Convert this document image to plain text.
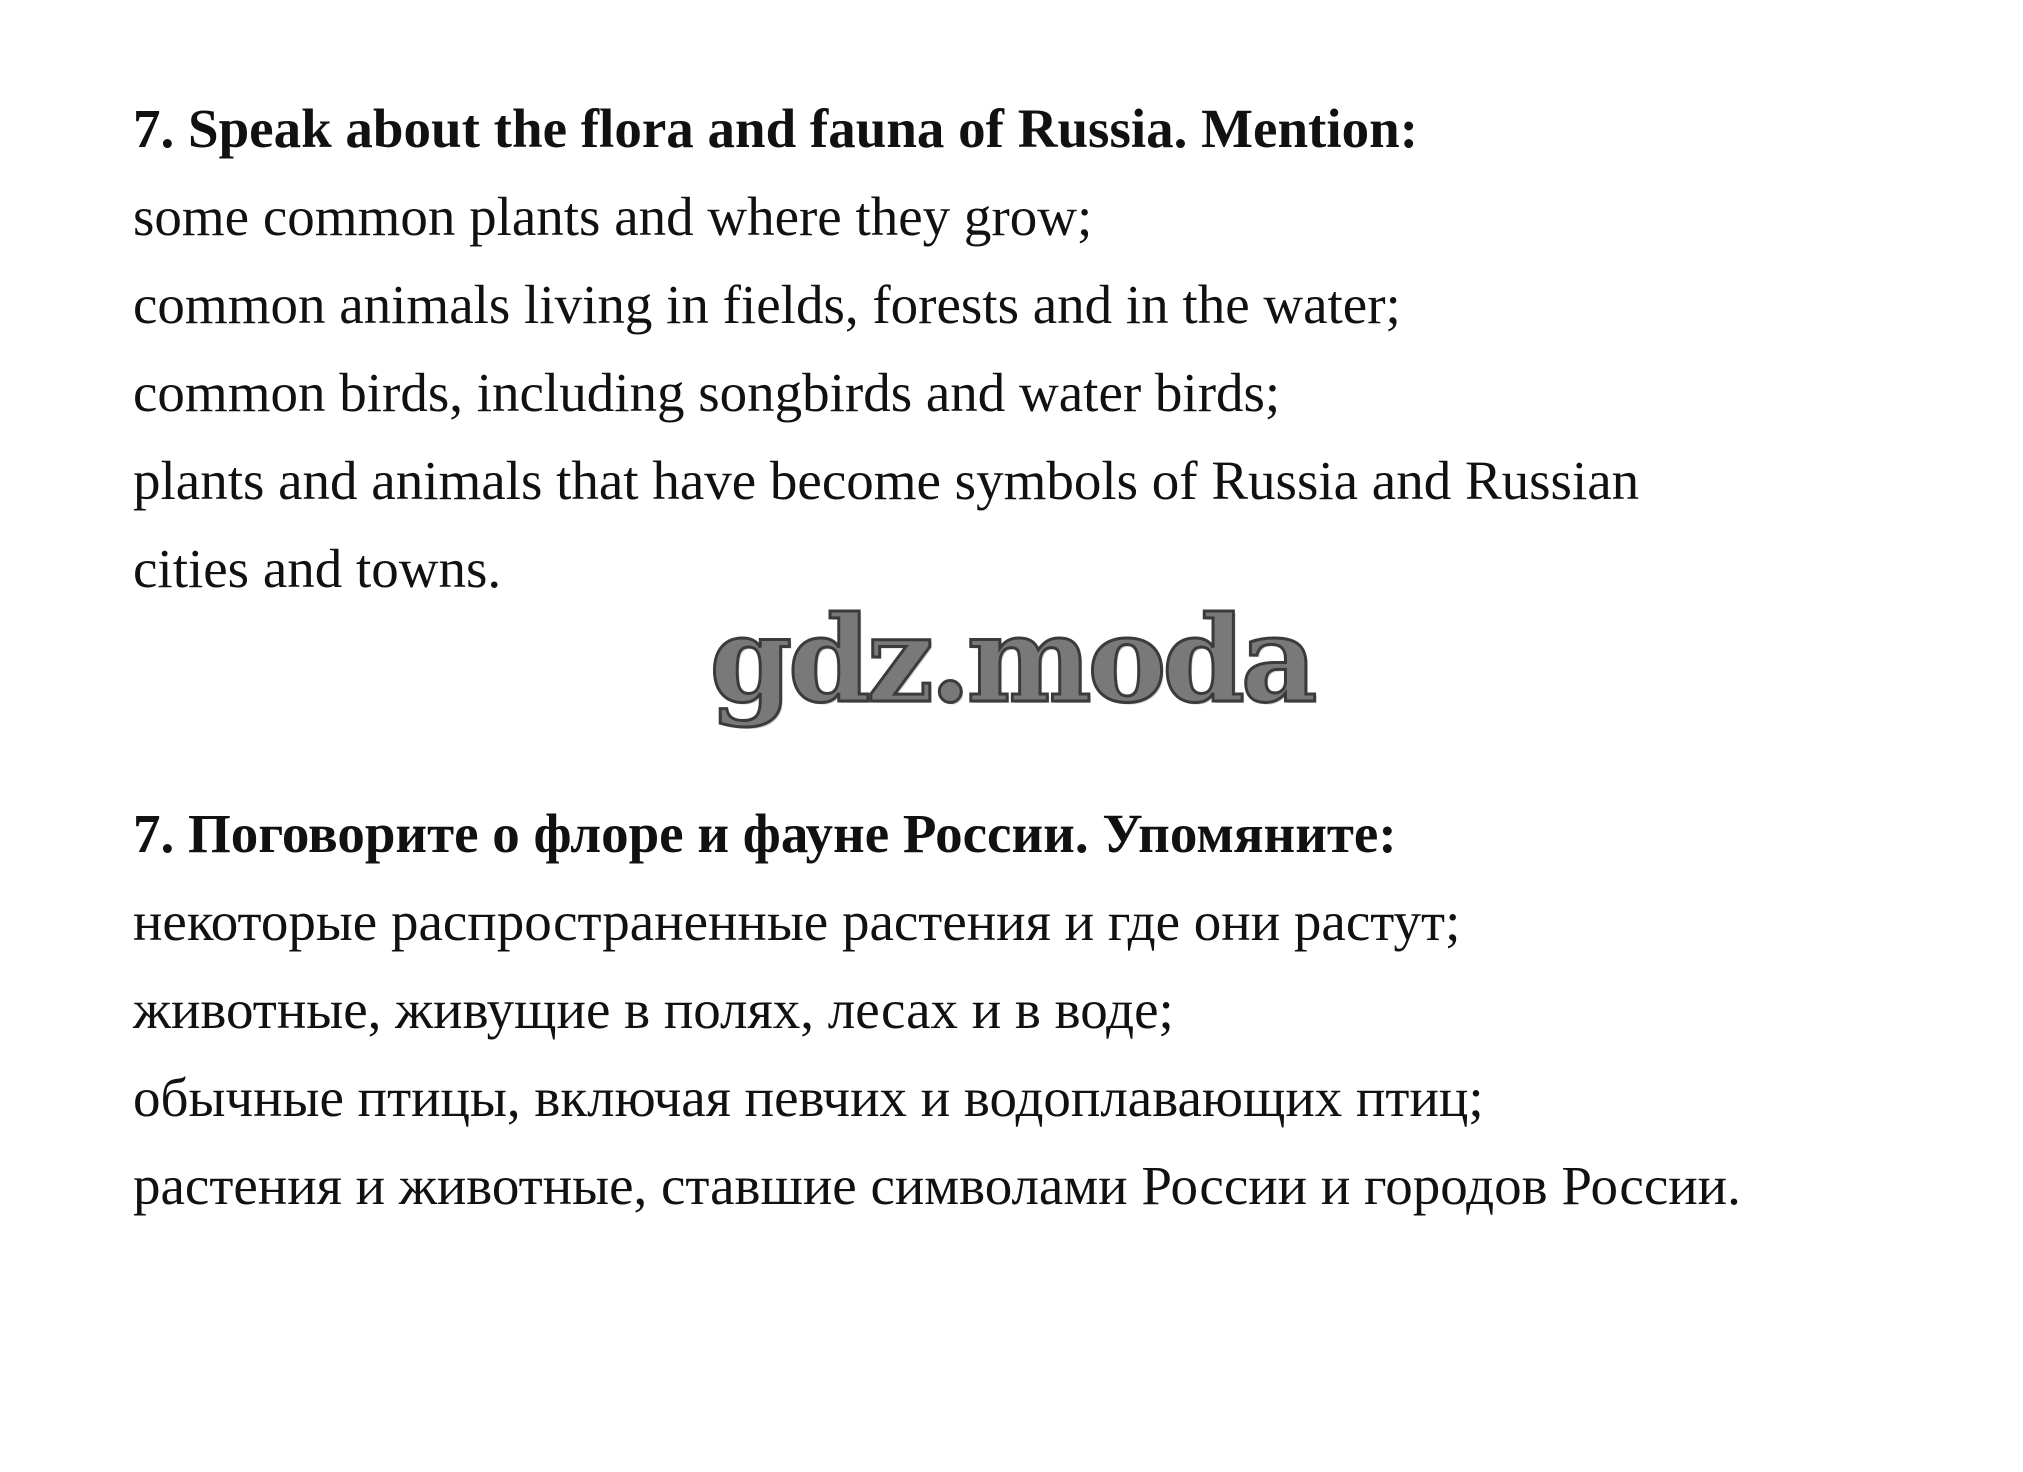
7. Speak about the flora and fauna of Russia. Mention:
some common plants and where they grow;
common animals living in fields, forests and in the water;
common birds, including songbirds and water birds;
plants and animals that have become symbols of Russia and Russian
cities and towns.
gdz.moda
7. Поговорите о флоре и фауне России. Упомяните:
некоторые распространенные растения и где они растут;
животные, живущие в полях, лесах и в воде;
обычные птицы, включая певчих и водоплавающих птиц;
растения и животные, ставшие символами России и городов России.
